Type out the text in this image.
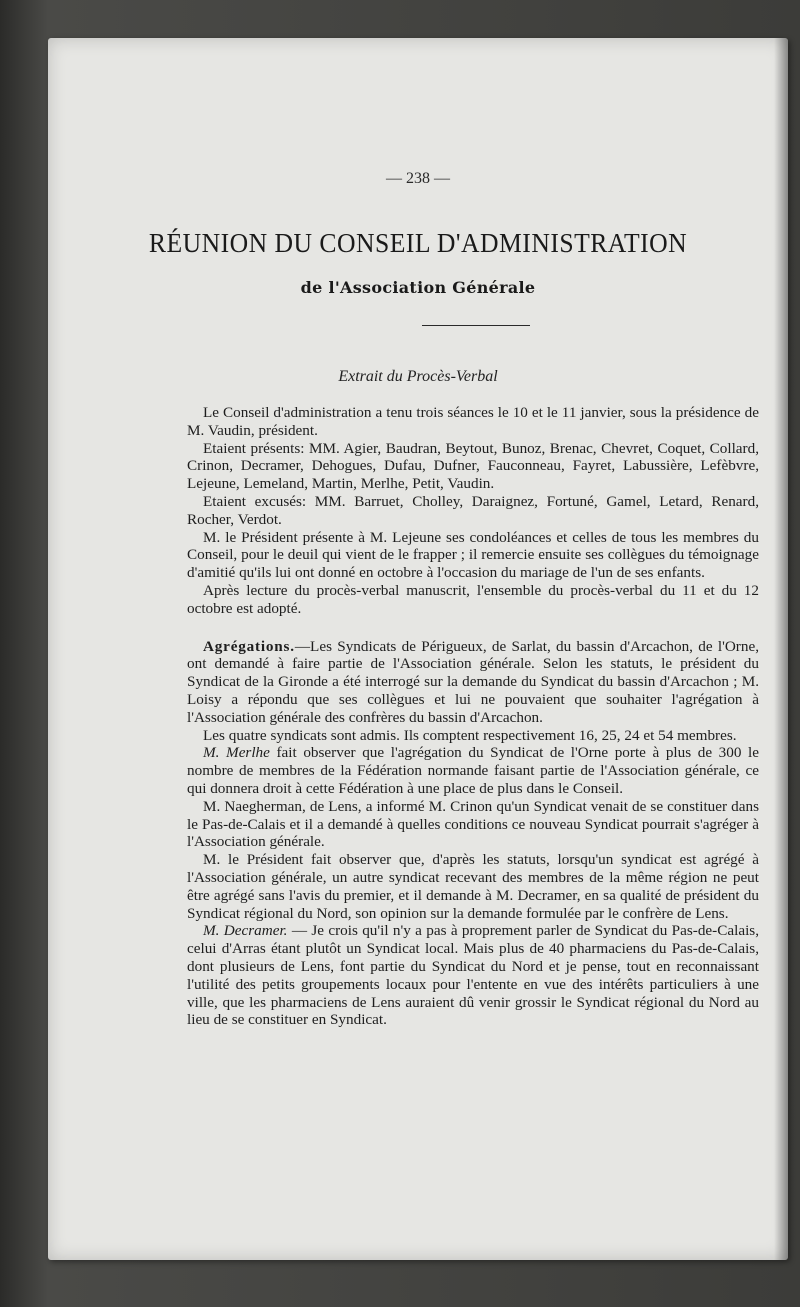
— 238 —
RÉUNION DU CONSEIL D'ADMINISTRATION
de l'Association Générale
Extrait du Procès-Verbal

Le Conseil d'administration a tenu trois séances le 10 et le 11 janvier, sous la présidence de M. Vaudin, président.

Etaient présents: MM. Agier, Baudran, Beytout, Bunoz, Brenac, Chevret, Coquet, Collard, Crinon, Decramer, Dehogues, Dufau, Dufner, Fauconneau, Fayret, Labussière, Lefèbvre, Lejeune, Lemeland, Martin, Merlhe, Petit, Vaudin.

Etaient excusés: MM. Barruet, Cholley, Daraignez, Fortuné, Gamel, Letard, Renard, Rocher, Verdot.

M. le Président présente à M. Lejeune ses condoléances et celles de tous les membres du Conseil, pour le deuil qui vient de le frapper ; il remercie ensuite ses collègues du témoignage d'amitié qu'ils lui ont donné en octobre à l'occasion du mariage de l'un de ses enfants.

Après lecture du procès-verbal manuscrit, l'ensemble du procès-verbal du 11 et du 12 octobre est adopté.

Agrégations.—Les Syndicats de Périgueux, de Sarlat, du bassin d'Arcachon, de l'Orne, ont demandé à faire partie de l'Association générale. Selon les statuts, le président du Syndicat de la Gironde a été interrogé sur la demande du Syndicat du bassin d'Arcachon ; M. Loisy a répondu que ses collègues et lui ne pouvaient que souhaiter l'agrégation à l'Association générale des confrères du bassin d'Arcachon.

Les quatre syndicats sont admis. Ils comptent respectivement 16, 25, 24 et 54 membres.

M. Merlhe fait observer que l'agrégation du Syndicat de l'Orne porte à plus de 300 le nombre de membres de la Fédération normande faisant partie de l'Association générale, ce qui donnera droit à cette Fédération à une place de plus dans le Conseil.

M. Naegherman, de Lens, a informé M. Crinon qu'un Syndicat venait de se constituer dans le Pas-de-Calais et il a demandé à quelles conditions ce nouveau Syndicat pourrait s'agréger à l'Association générale.

M. le Président fait observer que, d'après les statuts, lorsqu'un syndicat est agrégé à l'Association générale, un autre syndicat recevant des membres de la même région ne peut être agrégé sans l'avis du premier, et il demande à M. Decramer, en sa qualité de président du Syndicat régional du Nord, son opinion sur la demande formulée par le confrère de Lens.

M. Decramer. — Je crois qu'il n'y a pas à proprement parler de Syndicat du Pas-de-Calais, celui d'Arras étant plutôt un Syndicat local. Mais plus de 40 pharmaciens du Pas-de-Calais, dont plusieurs de Lens, font partie du Syndicat du Nord et je pense, tout en reconnaissant l'utilité des petits groupements locaux pour l'entente en vue des intérêts particuliers à une ville, que les pharmaciens de Lens auraient dû venir grossir le Syndicat régional du Nord au lieu de se constituer en Syndicat.
